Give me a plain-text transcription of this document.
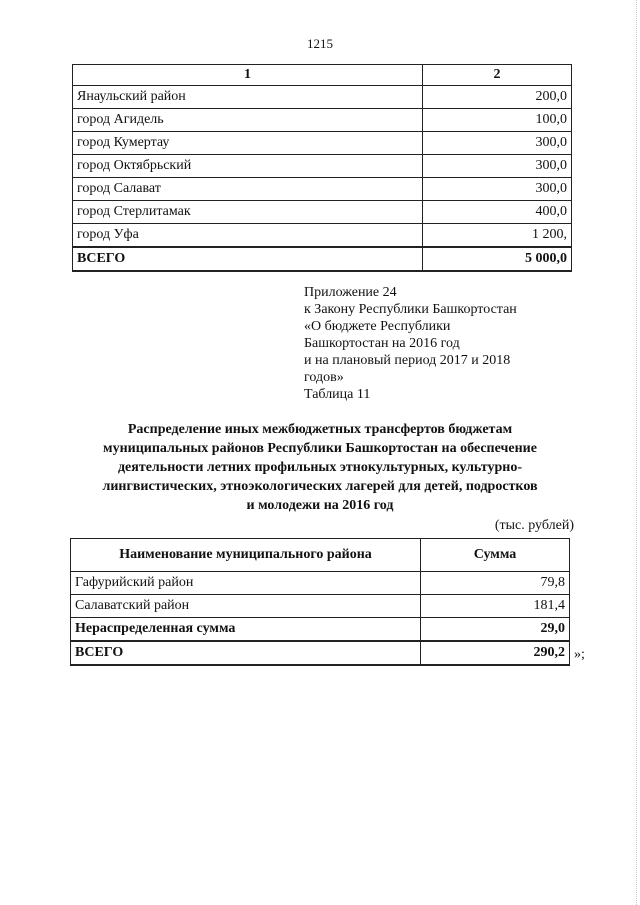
1215
1	2
Янаульский район	200,0
город Агидель	100,0
город Кумертау	300,0
город Октябрьский	300,0
город Салават	300,0
город Стерлитамак	400,0
город Уфа	1 200,
ВСЕГО	5 000,0
Приложение 24
к Закону Республики Башкортостан
«О бюджете Республики
Башкортостан на 2016 год
и на плановый период 2017 и 2018
годов»
Таблица 11
Распределение иных межбюджетных трансфертов бюджетам
муниципальных районов Республики Башкортостан на обеспечение
деятельности летних профильных этнокультурных, культурно-
лингвистических, этноэкологических лагерей для детей, подростков
и молодежи на 2016 год
(тыс. рублей)
Наименование муниципального района	Сумма
Гафурийский район	79,8
Салаватский район	181,4
Нераспределенная сумма	29,0
ВСЕГО	290,2 »;
